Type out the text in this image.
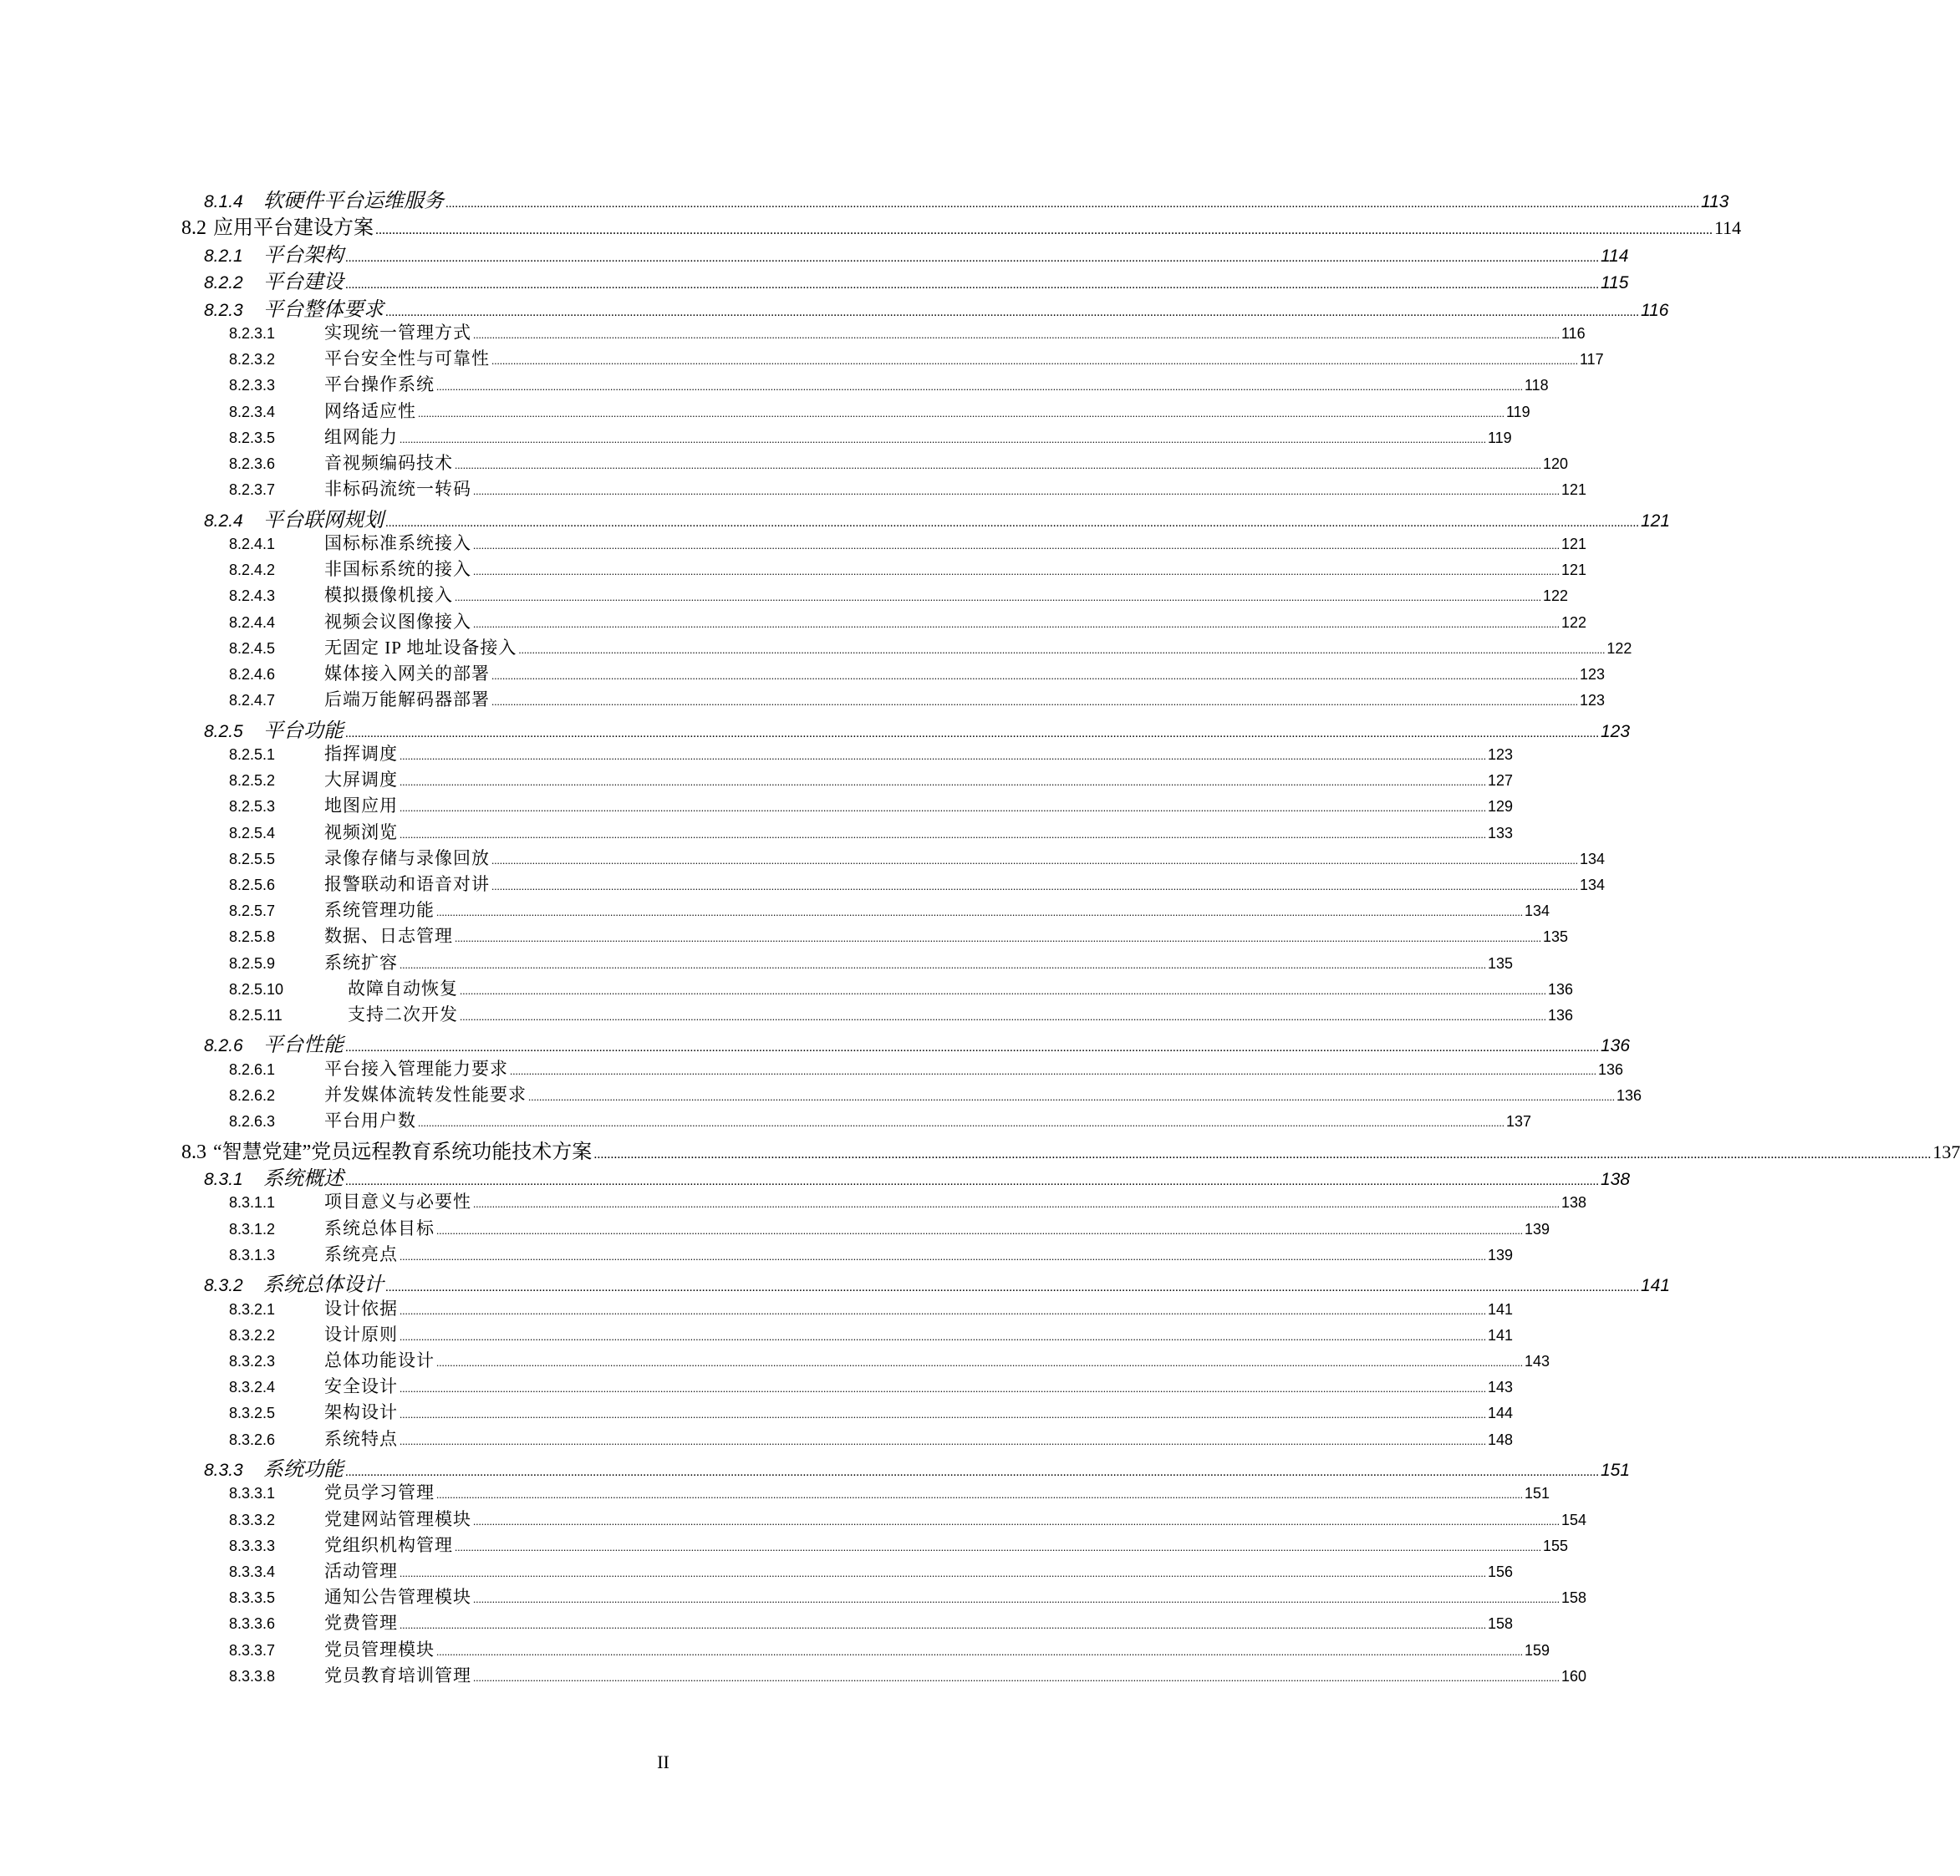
8.1.4	软硬件平台运维服务 ................................................................................................................................................................................................................................................................................................................................................................................................................ 113
8.2 应用平台建设方案 ................................................................................................................................................................................................................................................................................................................................................................................................................ 114
8.2.1	平台架构 ................................................................................................................................................................................................................................................................................................................................................................................................................ 114
8.2.2	平台建设 ................................................................................................................................................................................................................................................................................................................................................................................................................ 115
8.2.3	平台整体要求 ................................................................................................................................................................................................................................................................................................................................................................................................................ 116
8.2.3.1	实现统一管理方式 ................................................................................................................................................................................................................................................................................................................................................................................................................ 116
8.2.3.2	平台安全性与可靠性 ................................................................................................................................................................................................................................................................................................................................................................................................................ 117
8.2.3.3	平台操作系统 ................................................................................................................................................................................................................................................................................................................................................................................................................ 118
8.2.3.4	网络适应性 ................................................................................................................................................................................................................................................................................................................................................................................................................ 119
8.2.3.5	组网能力 ................................................................................................................................................................................................................................................................................................................................................................................................................ 119
8.2.3.6	音视频编码技术 ................................................................................................................................................................................................................................................................................................................................................................................................................ 120
8.2.3.7	非标码流统一转码 ................................................................................................................................................................................................................................................................................................................................................................................................................ 121
8.2.4	平台联网规划 ................................................................................................................................................................................................................................................................................................................................................................................................................ 121
8.2.4.1	国标标准系统接入 ................................................................................................................................................................................................................................................................................................................................................................................................................ 121
8.2.4.2	非国标系统的接入 ................................................................................................................................................................................................................................................................................................................................................................................................................ 121
8.2.4.3	模拟摄像机接入 ................................................................................................................................................................................................................................................................................................................................................................................................................ 122
8.2.4.4	视频会议图像接入 ................................................................................................................................................................................................................................................................................................................................................................................................................ 122
8.2.4.5	无固定 IP 地址设备接入 ................................................................................................................................................................................................................................................................................................................................................................................................................ 122
8.2.4.6	媒体接入网关的部署 ................................................................................................................................................................................................................................................................................................................................................................................................................ 123
8.2.4.7	后端万能解码器部署 ................................................................................................................................................................................................................................................................................................................................................................................................................ 123
8.2.5	平台功能 ................................................................................................................................................................................................................................................................................................................................................................................................................ 123
8.2.5.1	指挥调度 ................................................................................................................................................................................................................................................................................................................................................................................................................ 123
8.2.5.2	大屏调度 ................................................................................................................................................................................................................................................................................................................................................................................................................ 127
8.2.5.3	地图应用 ................................................................................................................................................................................................................................................................................................................................................................................................................ 129
8.2.5.4	视频浏览 ................................................................................................................................................................................................................................................................................................................................................................................................................ 133
8.2.5.5	录像存储与录像回放 ................................................................................................................................................................................................................................................................................................................................................................................................................ 134
8.2.5.6	报警联动和语音对讲 ................................................................................................................................................................................................................................................................................................................................................................................................................ 134
8.2.5.7	系统管理功能 ................................................................................................................................................................................................................................................................................................................................................................................................................ 134
8.2.5.8	数据、日志管理 ................................................................................................................................................................................................................................................................................................................................................................................................................ 135
8.2.5.9	系统扩容 ................................................................................................................................................................................................................................................................................................................................................................................................................ 135
8.2.5.10	故障自动恢复 ................................................................................................................................................................................................................................................................................................................................................................................................................ 136
8.2.5.11	支持二次开发 ................................................................................................................................................................................................................................................................................................................................................................................................................ 136
8.2.6	平台性能 ................................................................................................................................................................................................................................................................................................................................................................................................................ 136
8.2.6.1	平台接入管理能力要求 ................................................................................................................................................................................................................................................................................................................................................................................................................ 136
8.2.6.2	并发媒体流转发性能要求 ................................................................................................................................................................................................................................................................................................................................................................................................................ 136
8.2.6.3	平台用户数 ................................................................................................................................................................................................................................................................................................................................................................................................................ 137
8.3 “智慧党建”党员远程教育系统功能技术方案 ................................................................................................................................................................................................................................................................................................................................................................................................................ 137
8.3.1	系统概述 ................................................................................................................................................................................................................................................................................................................................................................................................................ 138
8.3.1.1	项目意义与必要性 ................................................................................................................................................................................................................................................................................................................................................................................................................ 138
8.3.1.2	系统总体目标 ................................................................................................................................................................................................................................................................................................................................................................................................................ 139
8.3.1.3	系统亮点 ................................................................................................................................................................................................................................................................................................................................................................................................................ 139
8.3.2	系统总体设计 ................................................................................................................................................................................................................................................................................................................................................................................................................ 141
8.3.2.1	设计依据 ................................................................................................................................................................................................................................................................................................................................................................................................................ 141
8.3.2.2	设计原则 ................................................................................................................................................................................................................................................................................................................................................................................................................ 141
8.3.2.3	总体功能设计 ................................................................................................................................................................................................................................................................................................................................................................................................................ 143
8.3.2.4	安全设计 ................................................................................................................................................................................................................................................................................................................................................................................................................ 143
8.3.2.5	架构设计 ................................................................................................................................................................................................................................................................................................................................................................................................................ 144
8.3.2.6	系统特点 ................................................................................................................................................................................................................................................................................................................................................................................................................ 148
8.3.3	系统功能 ................................................................................................................................................................................................................................................................................................................................................................................................................ 151
8.3.3.1	党员学习管理 ................................................................................................................................................................................................................................................................................................................................................................................................................ 151
8.3.3.2	党建网站管理模块 ................................................................................................................................................................................................................................................................................................................................................................................................................ 154
8.3.3.3	党组织机构管理 ................................................................................................................................................................................................................................................................................................................................................................................................................ 155
8.3.3.4	活动管理 ................................................................................................................................................................................................................................................................................................................................................................................................................ 156
8.3.3.5	通知公告管理模块 ................................................................................................................................................................................................................................................................................................................................................................................................................ 158
8.3.3.6	党费管理 ................................................................................................................................................................................................................................................................................................................................................................................................................ 158
8.3.3.7	党员管理模块 ................................................................................................................................................................................................................................................................................................................................................................................................................ 159
8.3.3.8	党员教育培训管理 ................................................................................................................................................................................................................................................................................................................................................................................................................ 160
II
